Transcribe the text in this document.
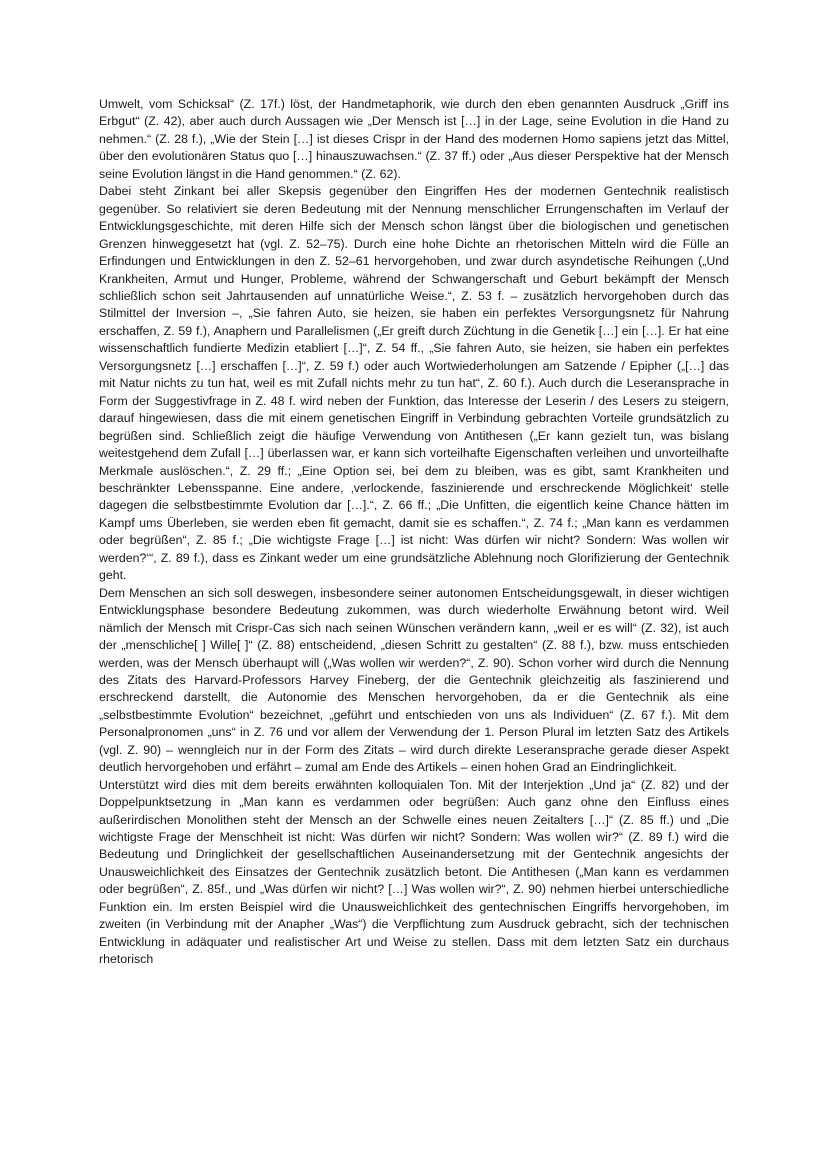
Umwelt, vom Schicksal“ (Z. 17f.) löst, der Handmetaphorik, wie durch den eben genannten Ausdruck „Griff ins Erbgut“ (Z. 42), aber auch durch Aussagen wie „Der Mensch ist […] in der Lage, seine Evolution in die Hand zu nehmen.“ (Z. 28 f.), „Wie der Stein […] ist dieses Crispr in der Hand des modernen Homo sapiens jetzt das Mittel, über den evolutionären Status quo […] hinauszuwachsen.“ (Z. 37 ff.) oder „Aus dieser Perspektive hat der Mensch seine Evolution längst in die Hand genommen.“ (Z. 62).

Dabei steht Zinkant bei aller Skepsis gegenüber den Eingriffen Hes der modernen Gentechnik realistisch gegenüber. So relativiert sie deren Bedeutung mit der Nennung menschlicher Errungenschaften im Verlauf der Entwicklungsgeschichte, mit deren Hilfe sich der Mensch schon längst über die biologischen und genetischen Grenzen hinweggesetzt hat (vgl. Z. 52–75). Durch eine hohe Dichte an rhetorischen Mitteln wird die Fülle an Erfindungen und Entwicklungen in den Z. 52–61 hervorgehoben, und zwar durch asyndetische Reihungen („Und Krankheiten, Armut und Hunger, Probleme, während der Schwangerschaft und Geburt bekämpft der Mensch schließlich schon seit Jahrtausenden auf unnatürliche Weise.“, Z. 53 f. – zusätzlich hervorgehoben durch das Stilmittel der Inversion –, „Sie fahren Auto, sie heizen, sie haben ein perfektes Versorgungsnetz für Nahrung erschaffen, Z. 59 f.), Anaphern und Parallelismen („Er greift durch Züchtung in die Genetik […] ein […]. Er hat eine wissenschaftlich fundierte Medizin etabliert […]“, Z. 54 ff., „Sie fahren Auto, sie heizen, sie haben ein perfektes Versorgungsnetz […] erschaffen […]“, Z. 59 f.) oder auch Wortwiederholungen am Satzende / Epipher („[…] das mit Natur nichts zu tun hat, weil es mit Zufall nichts mehr zu tun hat“, Z. 60 f.). Auch durch die Leseransprache in Form der Suggestivfrage in Z. 48 f. wird neben der Funktion, das Interesse der Leserin / des Lesers zu steigern, darauf hingewiesen, dass die mit einem genetischen Eingriff in Verbindung gebrachten Vorteile grundsätzlich zu begrüßen sind. Schließlich zeigt die häufige Verwendung von Antithesen („Er kann gezielt tun, was bislang weitestgehend dem Zufall […] überlassen war, er kann sich vorteilhafte Eigenschaften verleihen und unvorteilhafte Merkmale auslöschen.“, Z. 29 ff.; „Eine Option sei, bei dem zu bleiben, was es gibt, samt Krankheiten und beschränkter Lebensspanne. Eine andere, ‚verlockende, faszinierende und erschreckende Möglichkeit‘ stelle dagegen die selbstbestimmte Evolution dar […].“, Z. 66 ff.; „Die Unfitten, die eigentlich keine Chance hätten im Kampf ums Überleben, sie werden eben fit gemacht, damit sie es schaffen.“, Z. 74 f.; „Man kann es verdammen oder begrüßen“, Z. 85 f.; „Die wichtigste Frage […] ist nicht: Was dürfen wir nicht? Sondern: Was wollen wir werden?‘“, Z. 89 f.), dass es Zinkant weder um eine grundsätzliche Ablehnung noch Glorifizierung der Gentechnik geht.

Dem Menschen an sich soll deswegen, insbesondere seiner autonomen Entscheidungsgewalt, in dieser wichtigen Entwicklungsphase besondere Bedeutung zukommen, was durch wiederholte Erwähnung betont wird. Weil nämlich der Mensch mit Crispr-Cas sich nach seinen Wünschen verändern kann, „weil er es will“ (Z. 32), ist auch der „menschliche[ ] Wille[ ]“ (Z. 88) entscheidend, „diesen Schritt zu gestalten“ (Z. 88 f.), bzw. muss entschieden werden, was der Mensch überhaupt will („Was wollen wir werden?“, Z. 90). Schon vorher wird durch die Nennung des Zitats des Harvard-Professors Harvey Fineberg, der die Gentechnik gleichzeitig als faszinierend und erschreckend darstellt, die Autonomie des Menschen hervorgehoben, da er die Gentechnik als eine „selbstbestimmte Evolution“ bezeichnet, „geführt und entschieden von uns als Individuen“ (Z. 67 f.). Mit dem Personalpronomen „uns“ in Z. 76 und vor allem der Verwendung der 1. Person Plural im letzten Satz des Artikels (vgl. Z. 90) – wenngleich nur in der Form des Zitats – wird durch direkte Leseransprache gerade dieser Aspekt deutlich hervorgehoben und erfährt – zumal am Ende des Artikels – einen hohen Grad an Eindringlichkeit.

Unterstützt wird dies mit dem bereits erwähnten kolloquialen Ton. Mit der Interjektion „Und ja“ (Z. 82) und der Doppelpunktsetzung in „Man kann es verdammen oder begrüßen: Auch ganz ohne den Einfluss eines außerirdischen Monolithen steht der Mensch an der Schwelle eines neuen Zeitalters […]“ (Z. 85 ff.) und „Die wichtigste Frage der Menschheit ist nicht: Was dürfen wir nicht? Sondern: Was wollen wir?“ (Z. 89 f.) wird die Bedeutung und Dringlichkeit der gesellschaftlichen Auseinandersetzung mit der Gentechnik angesichts der Unausweichlichkeit des Einsatzes der Gentechnik zusätzlich betont. Die Antithesen („Man kann es verdammen oder begrüßen“, Z. 85f., und „Was dürfen wir nicht? […] Was wollen wir?“, Z. 90) nehmen hierbei unterschiedliche Funktion ein. Im ersten Beispiel wird die Unausweichlichkeit des gentechnischen Eingriffs hervorgehoben, im zweiten (in Verbindung mit der Anapher „Was“) die Verpflichtung zum Ausdruck gebracht, sich der technischen Entwicklung in adäquater und realistischer Art und Weise zu stellen. Dass mit dem letzten Satz ein durchaus rhetorisch
